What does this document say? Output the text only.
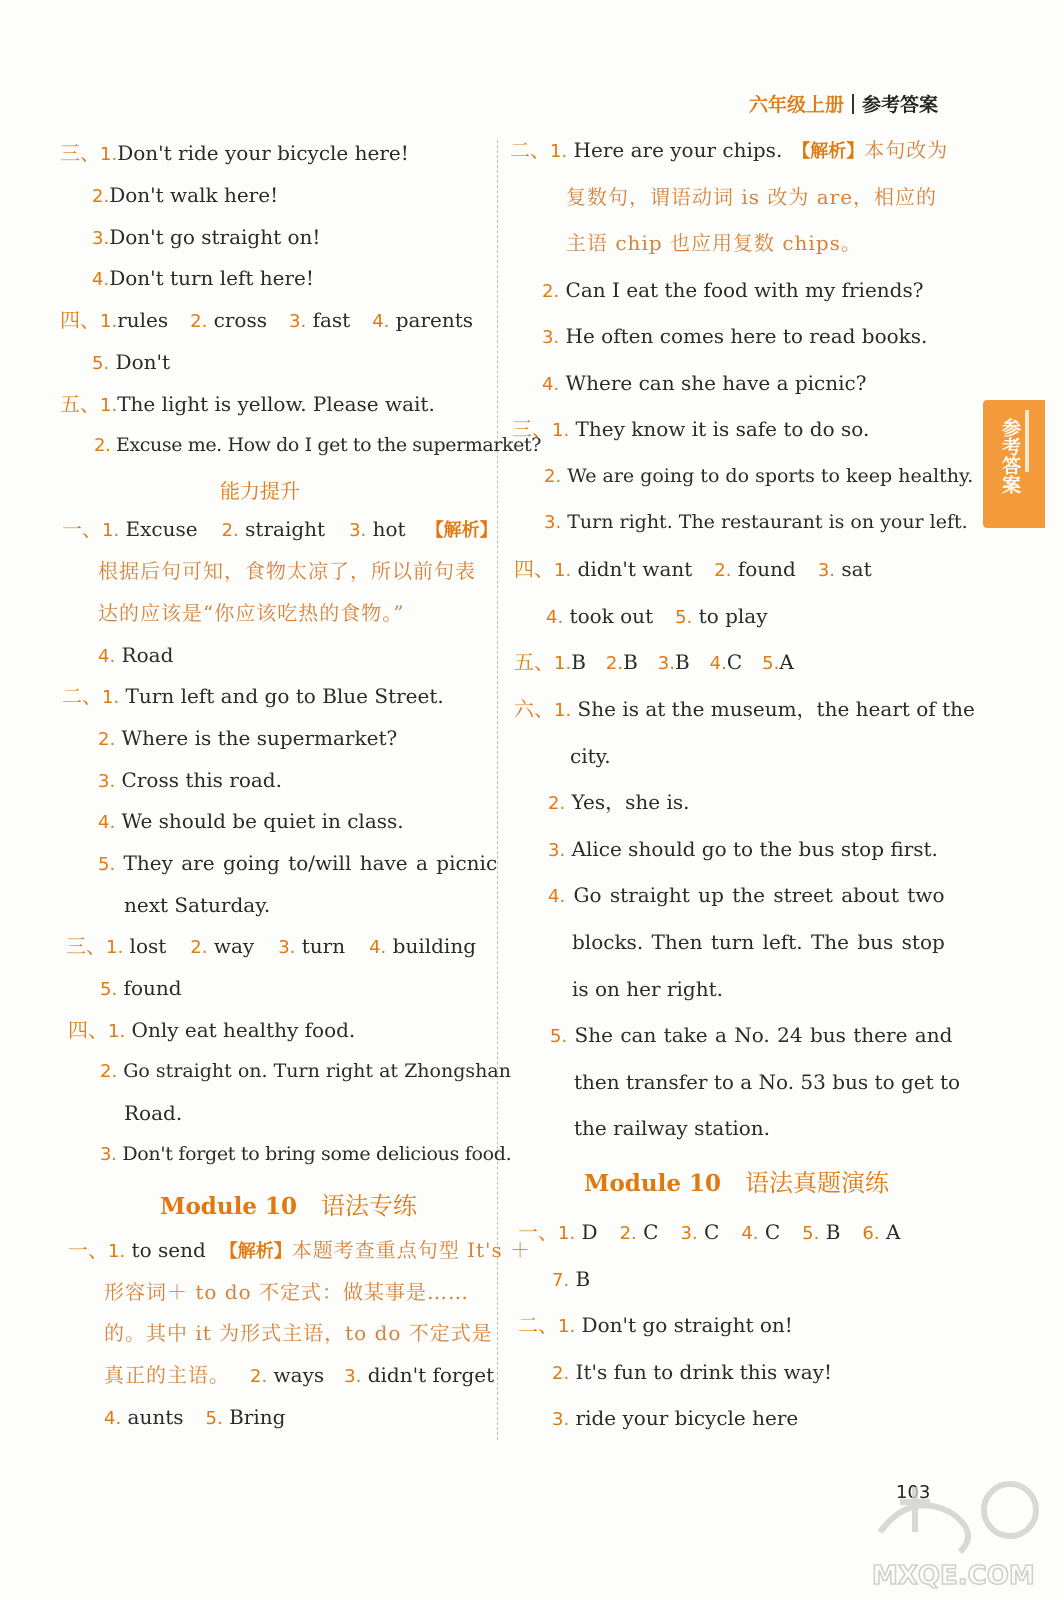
六年级上册 参考答案
参考答案
三、1.Don't ride your bicycle here!
2.Don't walk here!
3.Don't go straight on!
4.Don't turn left here!
四、1.rules 2. cross 3. fast 4. parents
5. Don't
五、1.The light is yellow. Please wait.
2. Excuse me. How do I get to the supermarket?
能力提升
一、1. Excuse 2. straight 3. hot 【解析】
根据后句可知，食物太凉了，所以前句表
达的应该是“你应该吃热的食物。”
4. Road
二、1. Turn left and go to Blue Street.
2. Where is the supermarket?
3. Cross this road.
4. We should be quiet in class.
5. They are going to/will have a picnic
next Saturday.
三、1. lost 2. way 3. turn 4. building
5. found
四、1. Only eat healthy food.
2. Go straight on. Turn right at Zhongshan
Road.
3. Don't forget to bring some delicious food.
Module 10 语法专练
一、1. to send 【解析】本题考查重点句型 It's ＋
形容词＋ to do 不定式：做某事是……
的。其中 it 为形式主语，to do 不定式是
真正的主语。 2. ways 3. didn't forget
4. aunts 5. Bring
二、1. Here are your chips. 【解析】本句改为
复数句，谓语动词 is 改为 are，相应的
主语 chip 也应用复数 chips。
2. Can I eat the food with my friends?
3. He often comes here to read books.
4. Where can she have a picnic?
三、1. They know it is safe to do so.
2. We are going to do sports to keep healthy.
3. Turn right. The restaurant is on your left.
四、1. didn't want 2. found 3. sat
4. took out 5. to play
五、1.B 2.B 3.B 4.C 5.A
六、1. She is at the museum，the heart of the
city.
2. Yes，she is.
3. Alice should go to the bus stop first.
4. Go straight up the street about two
blocks. Then turn left. The bus stop
is on her right.
5. She can take a No. 24 bus there and
then transfer to a No. 53 bus to get to
the railway station.
Module 10 语法真题演练
一、1. D 2. C 3. C 4. C 5. B 6. A
7. B
二、1. Don't go straight on!
2. It's fun to drink this way!
3. ride your bicycle here
103
MXQE.COM
